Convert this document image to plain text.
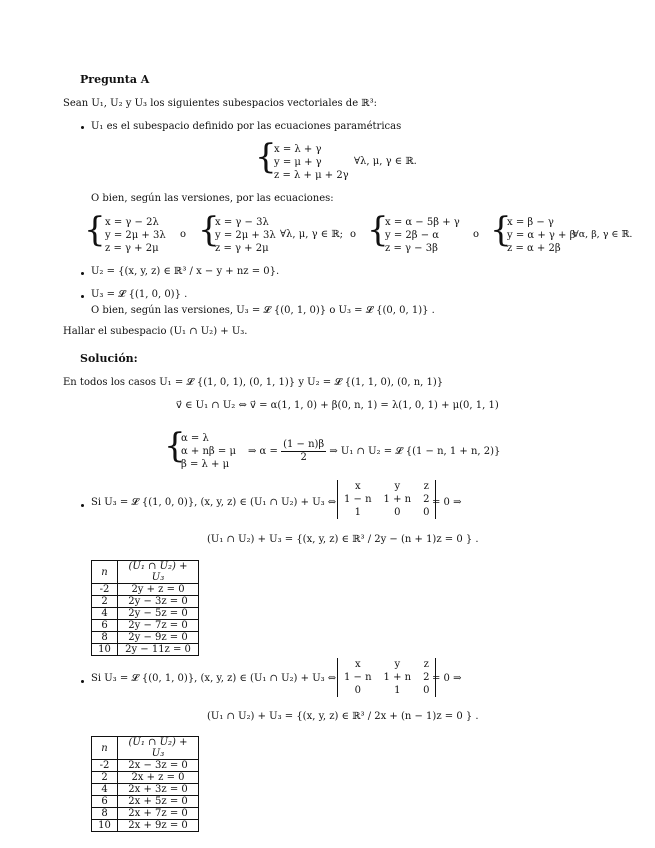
Pregunta A
Sean U₁, U₂ y U₃ los siguientes subespacios vectoriales de ℝ³:
U₁ es el subespacio definido por las ecuaciones paramétricas
{
x = λ + γ
y = μ + γ
z = λ + μ + 2γ
∀λ, μ, γ ∈ ℝ.
O bien, según las versiones, por las ecuaciones:
{ x = γ − 2λ
y = 2μ + 3λ
z = γ + 2μ
o {
x = γ − 3λ
y = 2μ + 3λ
z = γ + 2μ
∀λ, μ, γ ∈ ℝ; o {
x = α − 5β + γ
y = 2β − α
z = γ − 3β
o {
x = β − γ
y = α + γ + β
z = α + 2β
∀α, β, γ ∈ ℝ.
U₂ = {(x, y, z) ∈ ℝ³ / x − y + nz = 0}.
U₃ = 𝓛 {(1, 0, 0)} .
O bien, según las versiones, U₃ = 𝓛 {(0, 1, 0)} o U₃ = 𝓛 {(0, 0, 1)} .
Hallar el subespacio (U₁ ∩ U₂) + U₃.
Solución:
En todos los casos U₁ = 𝓛 {(1, 0, 1), (0, 1, 1)} y U₂ = 𝓛 {(1, 1, 0), (0, n, 1)}
v⃗ ∈ U₁ ∩ U₂ ⇔ v⃗ = α(1, 1, 0) + β(0, n, 1) = λ(1, 0, 1) + μ(0, 1, 1)
{
α = λ
α + nβ = μ
β = λ + μ
⇒ $\alpha = \frac{(1 - n)\beta}{2}$ ⇒ U₁ ∩ U₂ = 𝓛 {(1 − n, 1 + n, 2)}
Si U₃ = 𝓛 {(1, 0, 0)}, (x, y, z) ∈ (U₁ ∩ U₂) + U₃ ⇔
x	y	z
1 − n	1 + n	2
1	0	0
= 0 ⇒
(U₁ ∩ U₂) + U₃ = {(x, y, z) ∈ ℝ³ / 2y − (n + 1)z = 0 } .
n	(U₁ ∩ U₂) + U₃
-2	2y + z = 0
2	2y − 3z = 0
4	2y − 5z = 0
6	2y − 7z = 0
8	2y − 9z = 0
10	2y − 11z = 0
Si U₃ = 𝓛 {(0, 1, 0)}, (x, y, z) ∈ (U₁ ∩ U₂) + U₃ ⇔
x	y	z
1 − n	1 + n	2
0	1	0
= 0 ⇒
(U₁ ∩ U₂) + U₃ = {(x, y, z) ∈ ℝ³ / 2x + (n − 1)z = 0 } .
n	(U₁ ∩ U₂) + U₃
-2	2x − 3z = 0
2	2x + z = 0
4	2x + 3z = 0
6	2x + 5z = 0
8	2x + 7z = 0
10	2x + 9z = 0
